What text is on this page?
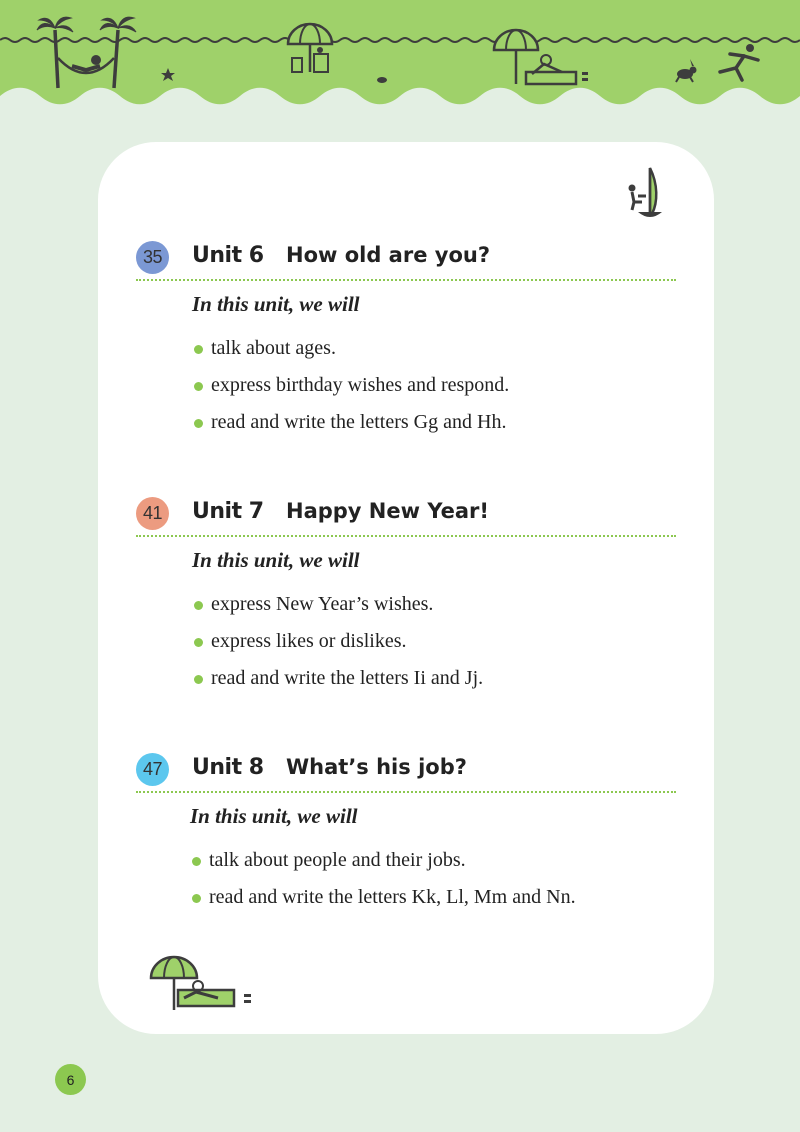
35	Unit 6 How old are you?
In this unit, we will
talk about ages.
express birthday wishes and respond.
read and write the letters Gg and Hh.
41	Unit 7 Happy New Year!
In this unit, we will
express New Year’s wishes.
express likes or dislikes.
read and write the letters Ii and Jj.
47	Unit 8 What’s his job?
In this unit, we will
talk about people and their jobs.
read and write the letters Kk, Ll, Mm and Nn.
6
